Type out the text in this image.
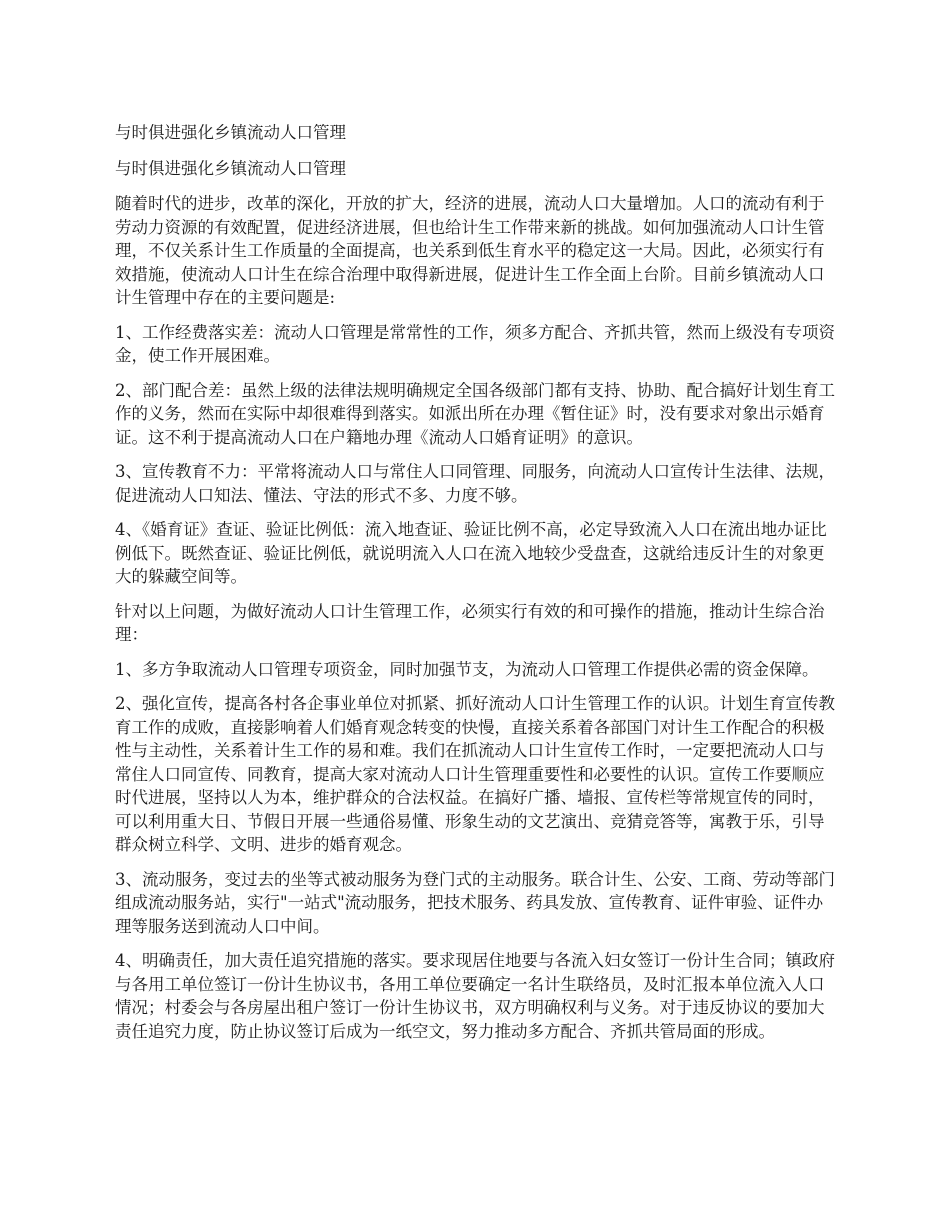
与时俱进强化乡镇流动人口管理

与时俱进强化乡镇流动人口管理

随着时代的进步，改革的深化，开放的扩大，经济的进展，流动人口大量增加。人口的流动有利于劳动力资源的有效配置，促进经济进展，但也给计生工作带来新的挑战。如何加强流动人口计生管理，不仅关系计生工作质量的全面提高，也关系到低生育水平的稳定这一大局。因此，必须实行有效措施，使流动人口计生在综合治理中取得新进展，促进计生工作全面上台阶。目前乡镇流动人口计生管理中存在的主要问题是:

1、工作经费落实差：流动人口管理是常常性的工作，须多方配合、齐抓共管，然而上级没有专项资金，使工作开展困难。

2、部门配合差：虽然上级的法律法规明确规定全国各级部门都有支持、协助、配合搞好计划生育工作的义务，然而在实际中却很难得到落实。如派出所在办理《暂住证》时，没有要求对象出示婚育证。这不利于提高流动人口在户籍地办理《流动人口婚育证明》的意识。

3、宣传教育不力：平常将流动人口与常住人口同管理、同服务，向流动人口宣传计生法律、法规，促进流动人口知法、懂法、守法的形式不多、力度不够。

4、《婚育证》查证、验证比例低：流入地查证、验证比例不高，必定导致流入人口在流出地办证比例低下。既然查证、验证比例低，就说明流入人口在流入地较少受盘查，这就给违反计生的对象更大的躲藏空间等。

针对以上问题，为做好流动人口计生管理工作，必须实行有效的和可操作的措施，推动计生综合治理：

1、多方争取流动人口管理专项资金，同时加强节支，为流动人口管理工作提供必需的资金保障。

2、强化宣传，提高各村各企事业单位对抓紧、抓好流动人口计生管理工作的认识。计划生育宣传教育工作的成败，直接影响着人们婚育观念转变的快慢，直接关系着各部国门对计生工作配合的积极性与主动性，关系着计生工作的易和难。我们在抓流动人口计生宣传工作时，一定要把流动人口与常住人口同宣传、同教育，提高大家对流动人口计生管理重要性和必要性的认识。宣传工作要顺应时代进展，坚持以人为本，维护群众的合法权益。在搞好广播、墙报、宣传栏等常规宣传的同时，可以利用重大日、节假日开展一些通俗易懂、形象生动的文艺演出、竞猜竞答等，寓教于乐，引导群众树立科学、文明、进步的婚育观念。

3、流动服务，变过去的坐等式被动服务为登门式的主动服务。联合计生、公安、工商、劳动等部门组成流动服务站，实行"一站式"流动服务，把技术服务、药具发放、宣传教育、证件审验、证件办理等服务送到流动人口中间。

4、明确责任，加大责任追究措施的落实。要求现居住地要与各流入妇女签订一份计生合同；镇政府与各用工单位签订一份计生协议书，各用工单位要确定一名计生联络员，及时汇报本单位流入人口情况；村委会与各房屋出租户签订一份计生协议书，双方明确权利与义务。对于违反协议的要加大责任追究力度，防止协议签订后成为一纸空文，努力推动多方配合、齐抓共管局面的形成。
